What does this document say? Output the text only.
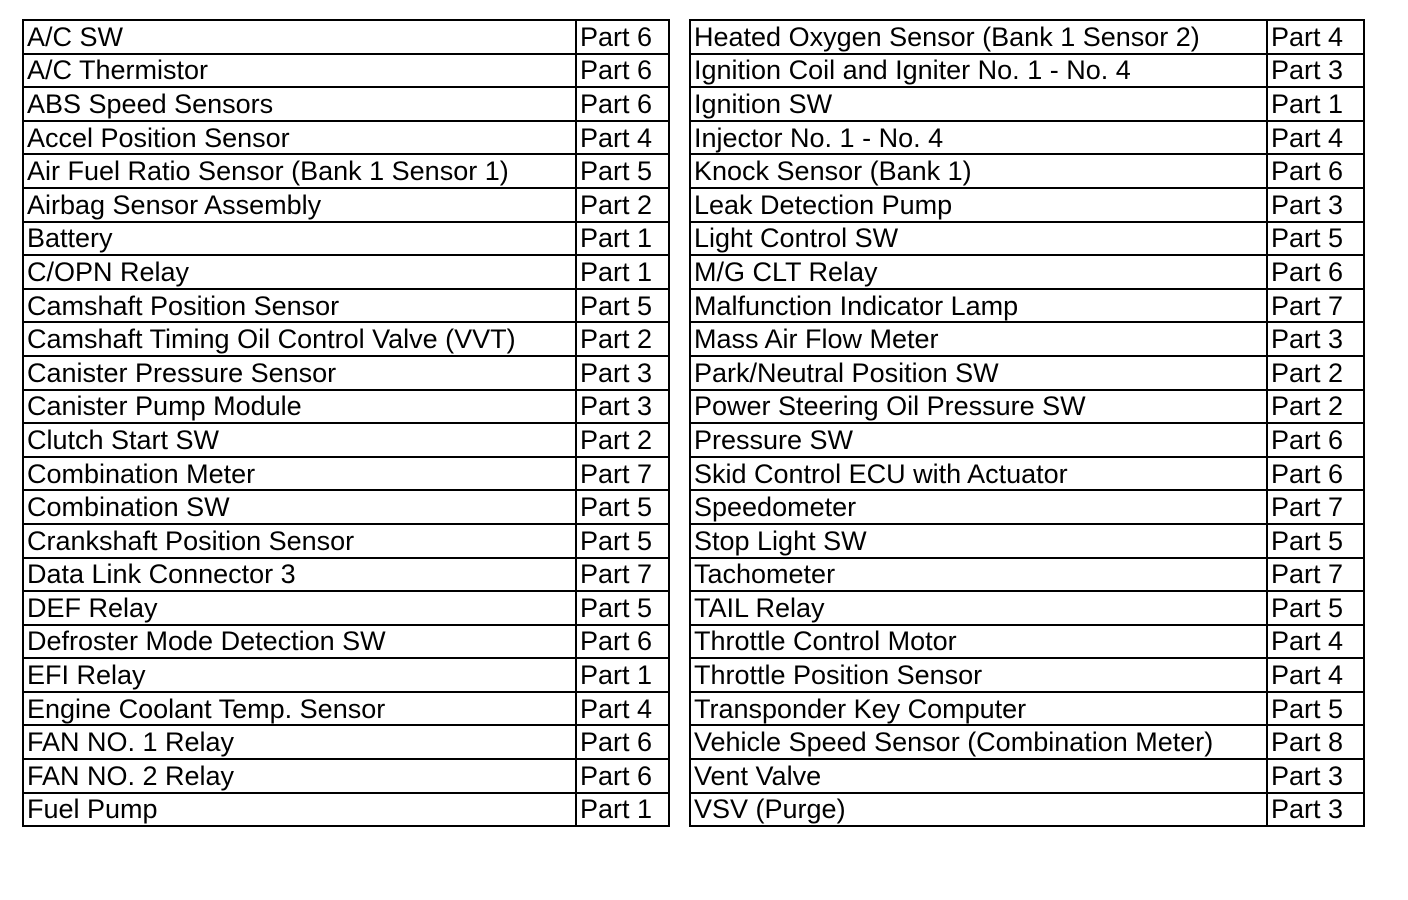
A/C SW	Part 6
A/C Thermistor	Part 6
ABS Speed Sensors	Part 6
Accel Position Sensor	Part 4
Air Fuel Ratio Sensor (Bank 1 Sensor 1)	Part 5
Airbag Sensor Assembly	Part 2
Battery	Part 1
C/OPN Relay	Part 1
Camshaft Position Sensor	Part 5
Camshaft Timing Oil Control Valve (VVT)	Part 2
Canister Pressure Sensor	Part 3
Canister Pump Module	Part 3
Clutch Start SW	Part 2
Combination Meter	Part 7
Combination SW	Part 5
Crankshaft Position Sensor	Part 5
Data Link Connector 3	Part 7
DEF Relay	Part 5
Defroster Mode Detection SW	Part 6
EFI Relay	Part 1
Engine Coolant Temp. Sensor	Part 4
FAN NO. 1 Relay	Part 6
FAN NO. 2 Relay	Part 6
Fuel Pump	Part 1
Heated Oxygen Sensor (Bank 1 Sensor 2)	Part 4
Ignition Coil and Igniter No. 1 - No. 4	Part 3
Ignition SW	Part 1
Injector No. 1 - No. 4	Part 4
Knock Sensor (Bank 1)	Part 6
Leak Detection Pump	Part 3
Light Control SW	Part 5
M/G CLT Relay	Part 6
Malfunction Indicator Lamp	Part 7
Mass Air Flow Meter	Part 3
Park/Neutral Position SW	Part 2
Power Steering Oil Pressure SW	Part 2
Pressure SW	Part 6
Skid Control ECU with Actuator	Part 6
Speedometer	Part 7
Stop Light SW	Part 5
Tachometer	Part 7
TAIL Relay	Part 5
Throttle Control Motor	Part 4
Throttle Position Sensor	Part 4
Transponder Key Computer	Part 5
Vehicle Speed Sensor (Combination Meter)	Part 8
Vent Valve	Part 3
VSV (Purge)	Part 3
